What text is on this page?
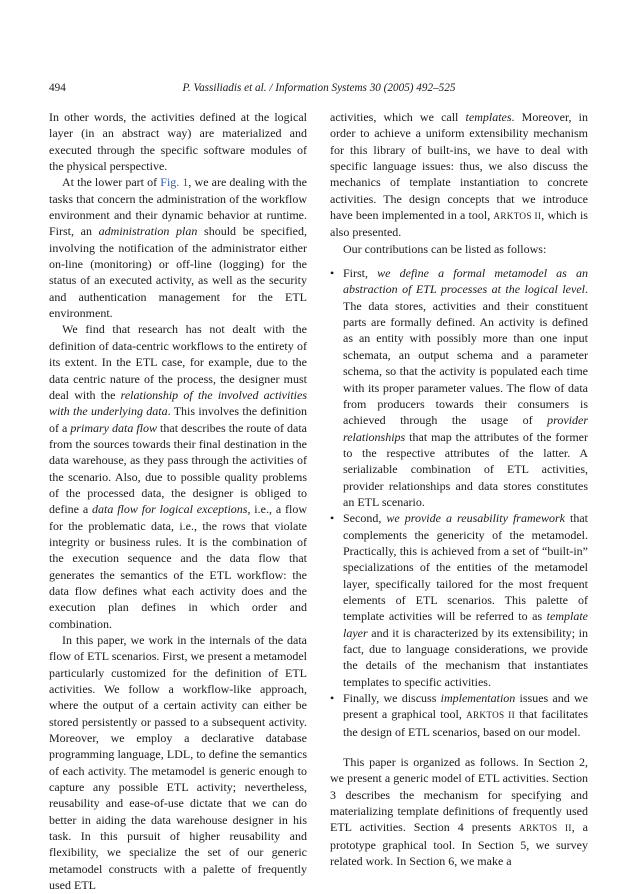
494	P. Vassiliadis et al. / Information Systems 30 (2005) 492–525

In other words, the activities defined at the logical layer (in an abstract way) are materialized and executed through the specific software modules of the physical perspective.

At the lower part of Fig. 1, we are dealing with the tasks that concern the administration of the workflow environment and their dynamic behavior at runtime. First, an administration plan should be specified, involving the notification of the administrator either on-line (monitoring) or off-line (logging) for the status of an executed activity, as well as the security and authentication management for the ETL environment.

We find that research has not dealt with the definition of data-centric workflows to the entirety of its extent. In the ETL case, for example, due to the data centric nature of the process, the designer must deal with the relationship of the involved activities with the underlying data. This involves the definition of a primary data flow that describes the route of data from the sources towards their final destination in the data warehouse, as they pass through the activities of the scenario. Also, due to possible quality problems of the processed data, the designer is obliged to define a data flow for logical exceptions, i.e., a flow for the problematic data, i.e., the rows that violate integrity or business rules. It is the combination of the execution sequence and the data flow that generates the semantics of the ETL workflow: the data flow defines what each activity does and the execution plan defines in which order and combination.

In this paper, we work in the internals of the data flow of ETL scenarios. First, we present a metamodel particularly customized for the definition of ETL activities. We follow a workflow-like approach, where the output of a certain activity can either be stored persistently or passed to a subsequent activity. Moreover, we employ a declarative database programming language, LDL, to define the semantics of each activity. The metamodel is generic enough to capture any possible ETL activity; nevertheless, reusability and ease-of-use dictate that we can do better in aiding the data warehouse designer in his task. In this pursuit of higher reusability and flexibility, we specialize the set of our generic metamodel constructs with a palette of frequently used ETL

activities, which we call templates. Moreover, in order to achieve a uniform extensibility mechanism for this library of built-ins, we have to deal with specific language issues: thus, we also discuss the mechanics of template instantiation to concrete activities. The design concepts that we introduce have been implemented in a tool, ARKTOS II, which is also presented.

Our contributions can be listed as follows:

• First, we define a formal metamodel as an abstraction of ETL processes at the logical level. The data stores, activities and their constituent parts are formally defined. An activity is defined as an entity with possibly more than one input schemata, an output schema and a parameter schema, so that the activity is populated each time with its proper parameter values. The flow of data from producers towards their consumers is achieved through the usage of provider relationships that map the attributes of the former to the respective attributes of the latter. A serializable combination of ETL activities, provider relationships and data stores constitutes an ETL scenario.
• Second, we provide a reusability framework that complements the genericity of the metamodel. Practically, this is achieved from a set of “built-in” specializations of the entities of the metamodel layer, specifically tailored for the most frequent elements of ETL scenarios. This palette of template activities will be referred to as template layer and it is characterized by its extensibility; in fact, due to language considerations, we provide the details of the mechanism that instantiates templates to specific activities.
• Finally, we discuss implementation issues and we present a graphical tool, ARKTOS II that facilitates the design of ETL scenarios, based on our model.

This paper is organized as follows. In Section 2, we present a generic model of ETL activities. Section 3 describes the mechanism for specifying and materializing template definitions of frequently used ETL activities. Section 4 presents ARKTOS II, a prototype graphical tool. In Section 5, we survey related work. In Section 6, we make a
